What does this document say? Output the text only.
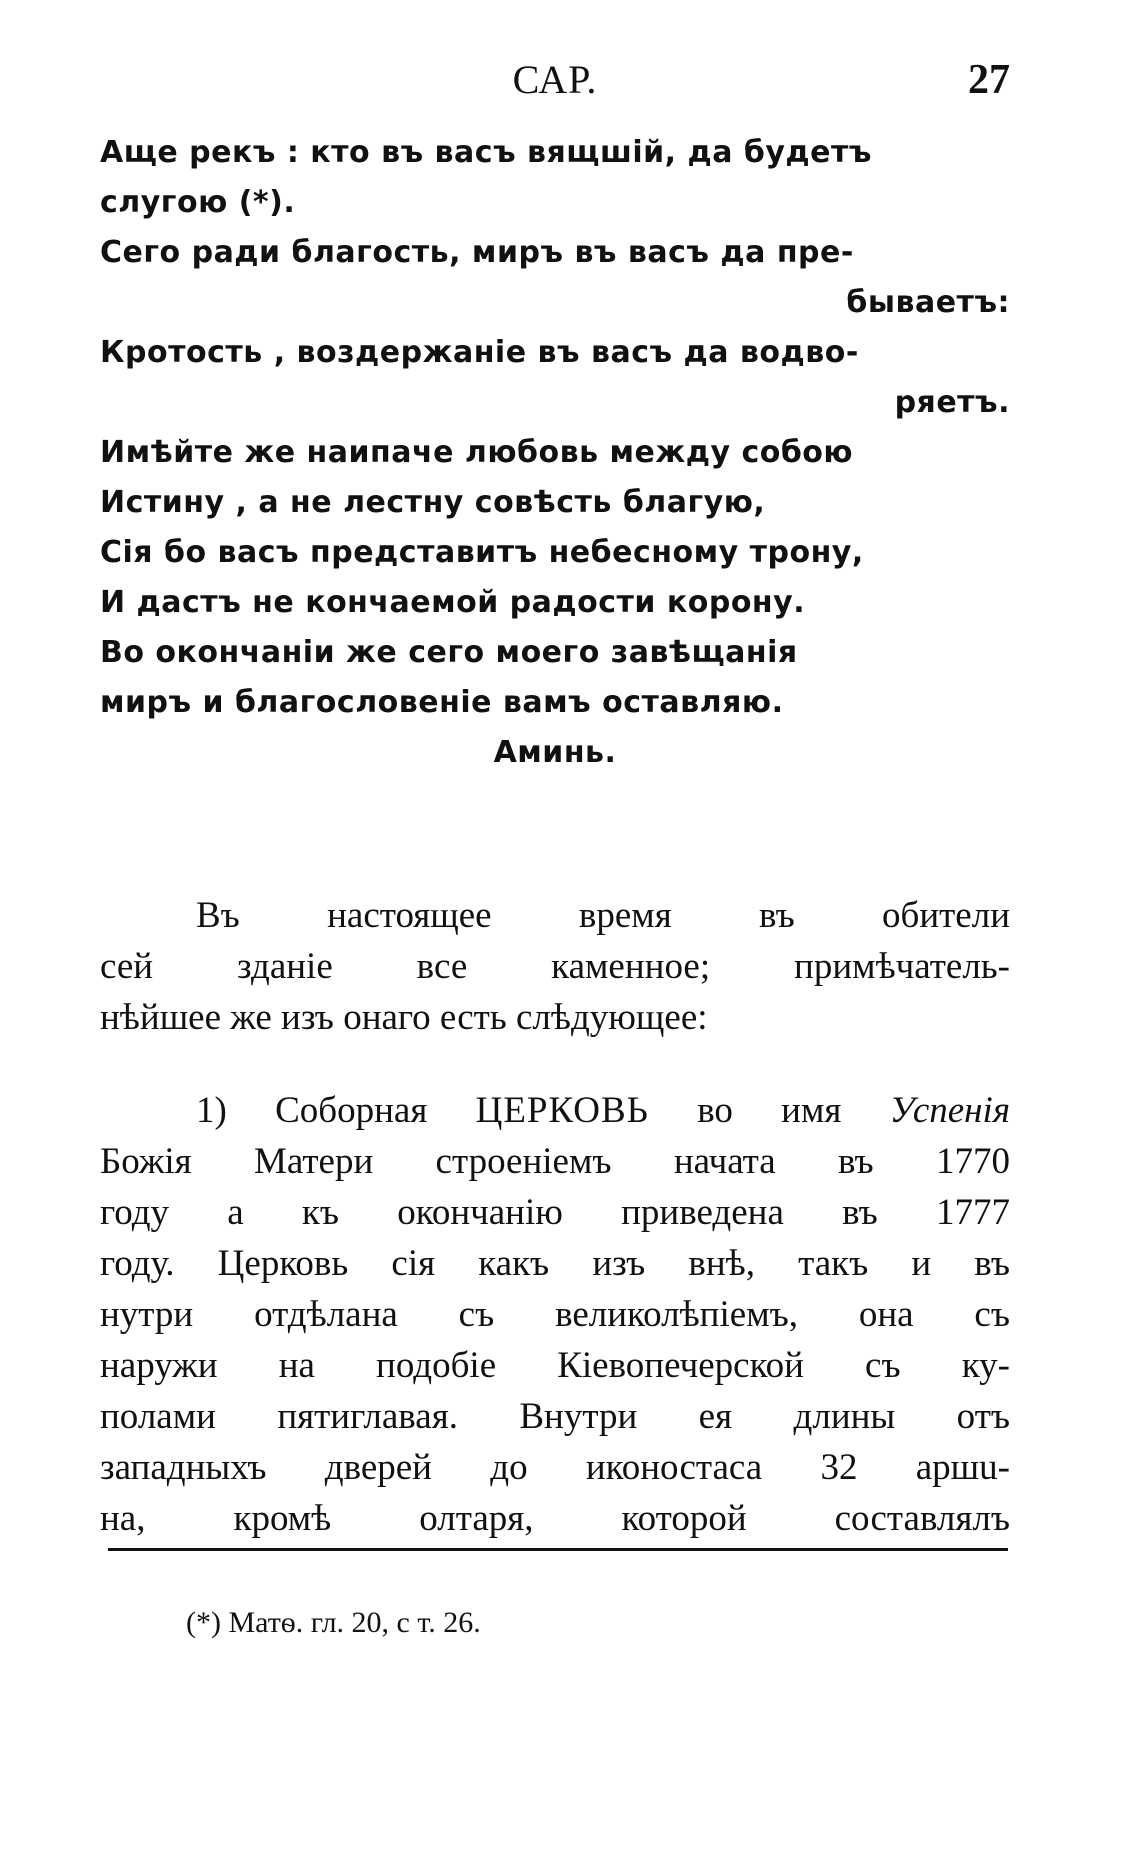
САР.	27
Аще рекъ : кто въ васъ вящшій, да будетъ
слугою (*).
Сего ради благость, миръ въ васъ да пре-
бываетъ:
Кротость , воздержаніе въ васъ да водво-
ряетъ.
Имѣйте же наипаче любовь между собою
Истину , а не лестну совѣсть благую,
Сія бо васъ представитъ небесному трону,
И дастъ не кончаемой радости корону.
Во окончаніи же сего моего завѣщанія
миръ и благословеніе вамъ оставляю.
Аминь.
Въ настоящее время въ обители
сей зданіе все каменное; примѣчатель-
нѣйшее же изъ онаго есть слѣдующее:
1) Соборная ЦЕРКОВЬ во имя Успенія
Божія Матери строеніемъ начата въ 1770
году а къ окончанію приведена въ 1777
году. Церковь сія какъ изъ внѣ, такъ и въ
нутри отдѣлана съ великолѣпіемъ, она съ
наружи на подобіе Кіевопечерской съ ку-
полами пятиглавая. Внутри ея длины отъ
западныхъ дверей до иконостаса 32 аршu-
на, кромѣ олтаря, которой составлялъ
(*) Матѳ. гл. 20, с т. 26.
